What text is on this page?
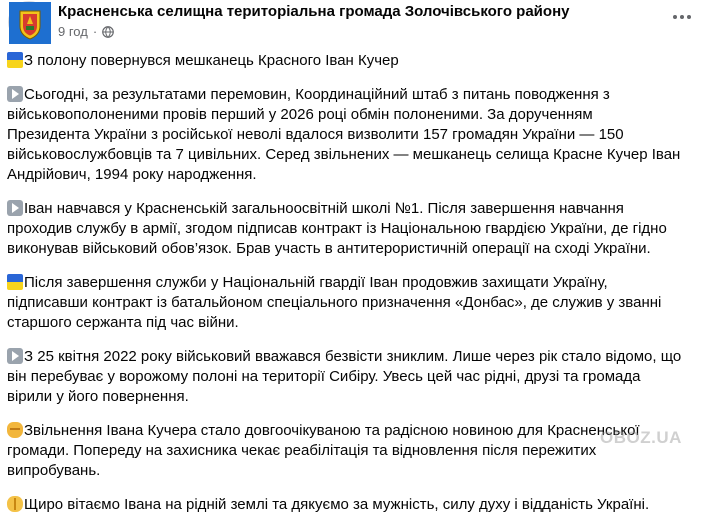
Красненська селищна територіальна громада Золочівського району
9 год ·
З полону повернувся мешканець Красного Іван Кучер
Сьогодні, за результатами перемовин, Координаційний штаб з питань поводження з
військовополоненими провів перший у 2026 році обмін полоненими. За дорученням
Президента України з російської неволі вдалося визволити 157 громадян України — 150
військовослужбовців та 7 цивільних. Серед звільнених — мешканець селища Красне Кучер Іван
Андрійович, 1994 року народження.
Іван навчався у Красненській загальноосвітній школі №1. Після завершення навчання
проходив службу в армії, згодом підписав контракт із Національною гвардією України, де гідно
виконував військовий обов’язок. Брав участь в антитерористичній операції на сході України.
Після завершення служби у Національній гвардії Іван продовжив захищати Україну,
підписавши контракт із батальйоном спеціального призначення «Донбас», де служив у званні
старшого сержанта під час війни.
З 25 квітня 2022 року військовий вважався безвісти зниклим. Лише через рік стало відомо, що
він перебуває у ворожому полоні на території Сибіру. Увесь цей час рідні, друзі та громада
вірили у його повернення.
Звільнення Івана Кучера стало довгоочікуваною та радісною новиною для Красненської
громади. Попереду на захисника чекає реабілітація та відновлення після пережитих
випробувань.
Щиро вітаємо Івана на рідній землі та дякуємо за мужність, силу духу і відданість Україні.
OBOZ.UA
